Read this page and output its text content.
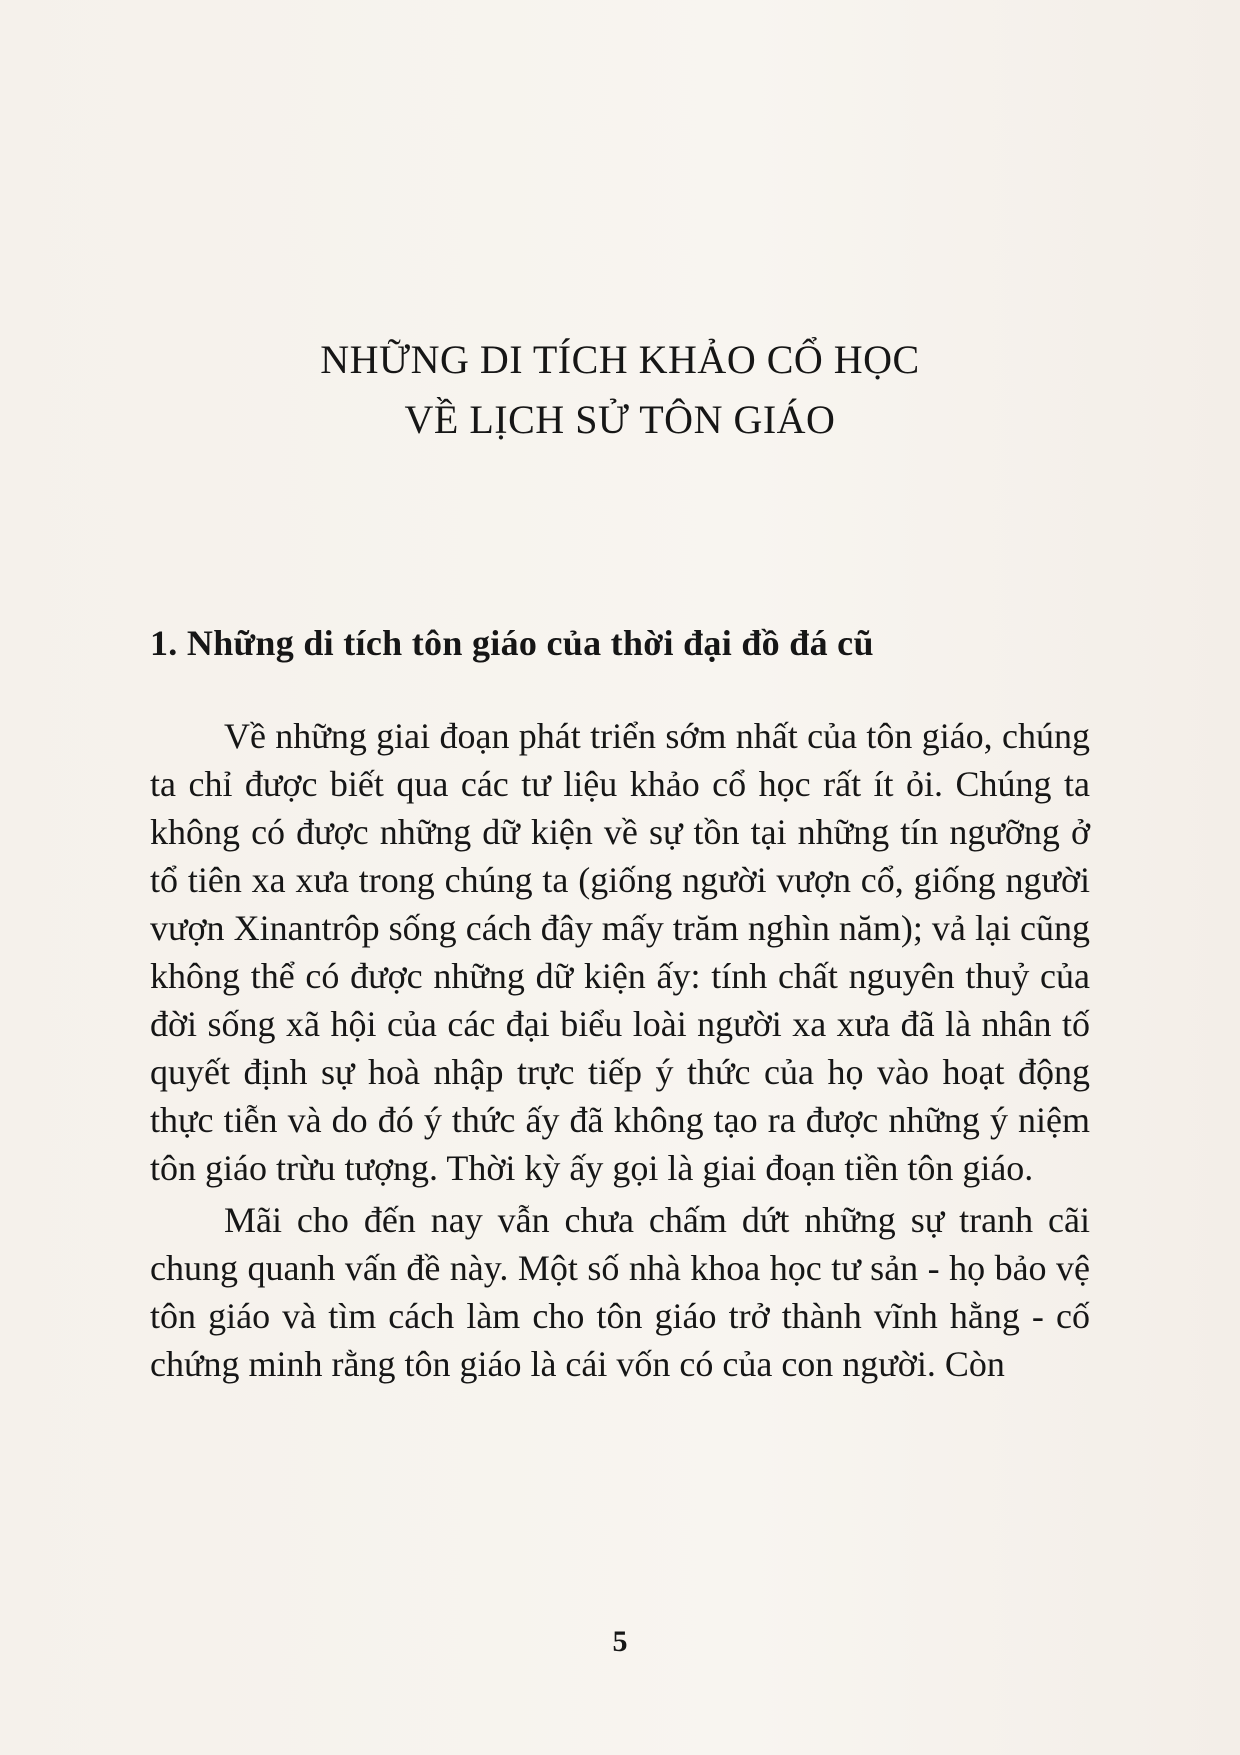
NHỮNG DI TÍCH KHẢO CỔ HỌC
VỀ LỊCH SỬ TÔN GIÁO
1. Những di tích tôn giáo của thời đại đồ đá cũ

Về những giai đoạn phát triển sớm nhất của tôn giáo, chúng ta chỉ được biết qua các tư liệu khảo cổ học rất ít ỏi. Chúng ta không có được những dữ kiện về sự tồn tại những tín ngưỡng ở tổ tiên xa xưa trong chúng ta (giống người vượn cổ, giống người vượn Xinantrôp sống cách đây mấy trăm nghìn năm); vả lại cũng không thể có được những dữ kiện ấy: tính chất nguyên thuỷ của đời sống xã hội của các đại biểu loài người xa xưa đã là nhân tố quyết định sự hoà nhập trực tiếp ý thức của họ vào hoạt động thực tiễn và do đó ý thức ấy đã không tạo ra được những ý niệm tôn giáo trừu tượng. Thời kỳ ấy gọi là giai đoạn tiền tôn giáo.

Mãi cho đến nay vẫn chưa chấm dứt những sự tranh cãi chung quanh vấn đề này. Một số nhà khoa học tư sản - họ bảo vệ tôn giáo và tìm cách làm cho tôn giáo trở thành vĩnh hằng - cố chứng minh rằng tôn giáo là cái vốn có của con người. Còn

5
